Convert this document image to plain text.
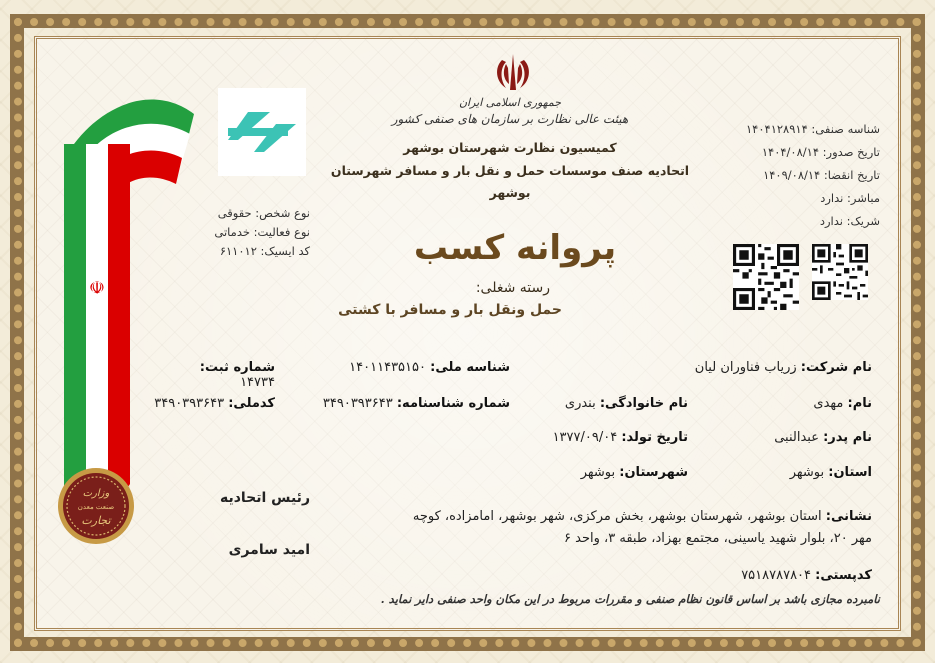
☫
وزارت
صنعت معدن
تجارت
جمهوری اسلامی ایران
هیئت عالی نظارت بر سازمان های صنفی کشور
کمیسیون نظارت شهرستان بوشهر
اتحادیه صنف موسسات حمل و نقل بار و مسافر شهرستان بوشهر
پروانه کسب
رسته شغلی:
حمل ونقل بار و مسافر با کشتی
شناسه صنفی: ۱۴۰۴۱۲۸۹۱۴
تاریخ صدور: ۱۴۰۴/۰۸/۱۴
تاریخ انقضا: ۱۴۰۹/۰۸/۱۴
مباشر: ندارد
شریک: ندارد
نوع شخص: حقوقی
نوع فعالیت: خدماتی
کد ایسیک: ۶۱۱۰۱۲
نام شرکت: زریاب فناوران لیان
شناسه ملی: ۱۴۰۱۱۴۳۵۱۵۰
شماره ثبت: ۱۴۷۳۴
نام: مهدی
نام خانوادگی: بندری
شماره شناسنامه: ۳۴۹۰۳۹۳۶۴۳
کدملی: ۳۴۹۰۳۹۳۶۴۳
نام پدر: عبدالنبی
تاریخ تولد: ۱۳۷۷/۰۹/۰۴
استان: بوشهر
شهرستان: بوشهر
نشانی: استان بوشهر، شهرستان بوشهر، بخش مرکزی، شهر بوشهر، امامزاده، کوچه مهر ۲۰، بلوار شهید یاسینی، مجتمع بهزاد، طبقه ۳، واحد ۶
کدپستی: ۷۵۱۸۷۸۷۸۰۴
رئیس اتحادیه
امید سامری
نامبرده مجازی باشد بر اساس قانون نظام صنفی و مقررات مربوط در این مکان واحد صنفی دایر نماید .
